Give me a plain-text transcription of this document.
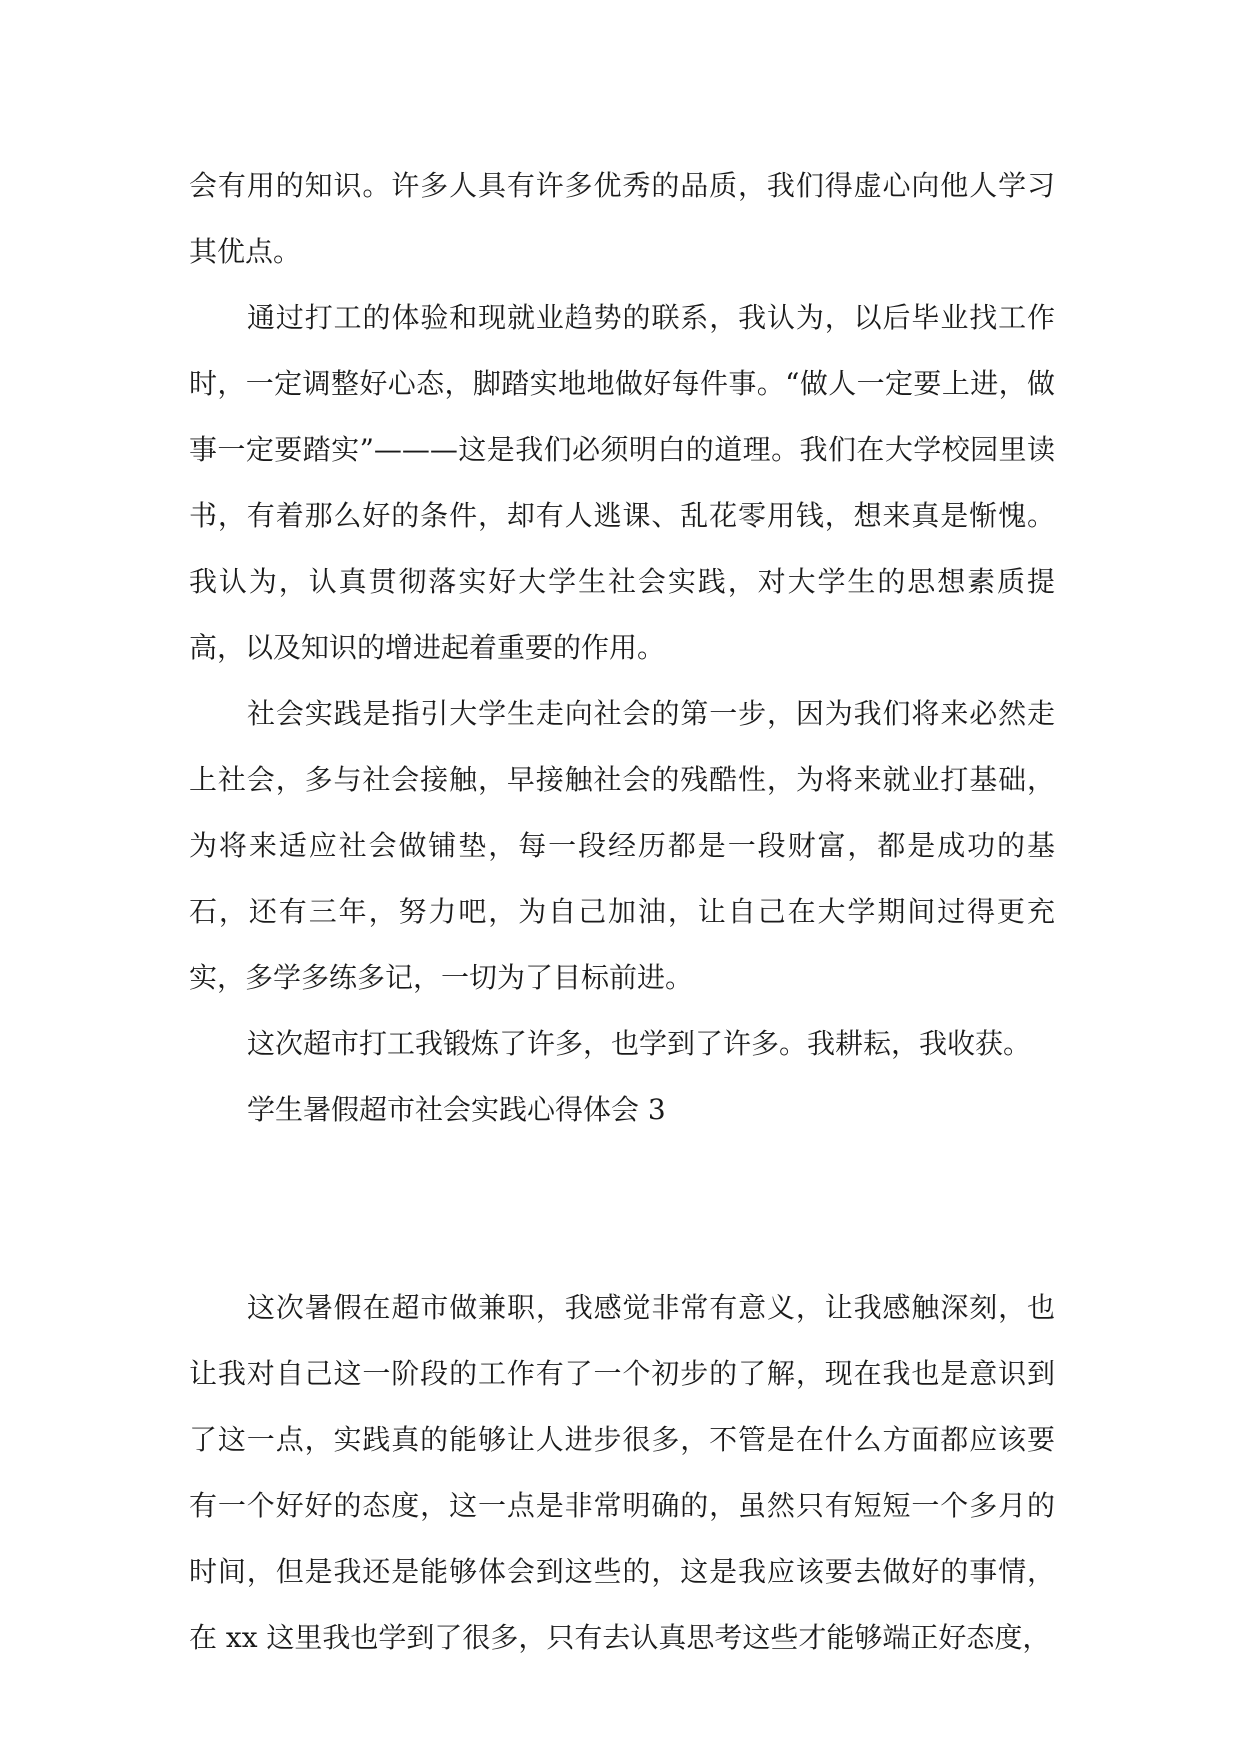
会有用的知识。许多人具有许多优秀的品质，我们得虚心向他人学习其优点。

通过打工的体验和现就业趋势的联系，我认为，以后毕业找工作时，一定调整好心态，脚踏实地地做好每件事。“做人一定要上进，做事一定要踏实”———这是我们必须明白的道理。我们在大学校园里读书，有着那么好的条件，却有人逃课、乱花零用钱，想来真是惭愧。我认为，认真贯彻落实好大学生社会实践，对大学生的思想素质提高，以及知识的增进起着重要的作用。

社会实践是指引大学生走向社会的第一步，因为我们将来必然走上社会，多与社会接触，早接触社会的残酷性，为将来就业打基础，为将来适应社会做铺垫，每一段经历都是一段财富，都是成功的基石，还有三年，努力吧，为自己加油，让自己在大学期间过得更充实，多学多练多记，一切为了目标前进。

这次超市打工我锻炼了许多，也学到了许多。我耕耘，我收获。

学生暑假超市社会实践心得体会 3

这次暑假在超市做兼职，我感觉非常有意义，让我感触深刻，也让我对自己这一阶段的工作有了一个初步的了解，现在我也是意识到了这一点，实践真的能够让人进步很多，不管是在什么方面都应该要有一个好好的态度，这一点是非常明确的，虽然只有短短一个多月的时间，但是我还是能够体会到这些的，这是我应该要去做好的事情，在 xx 这里我也学到了很多，只有去认真思考这些才能够端正好态度，
